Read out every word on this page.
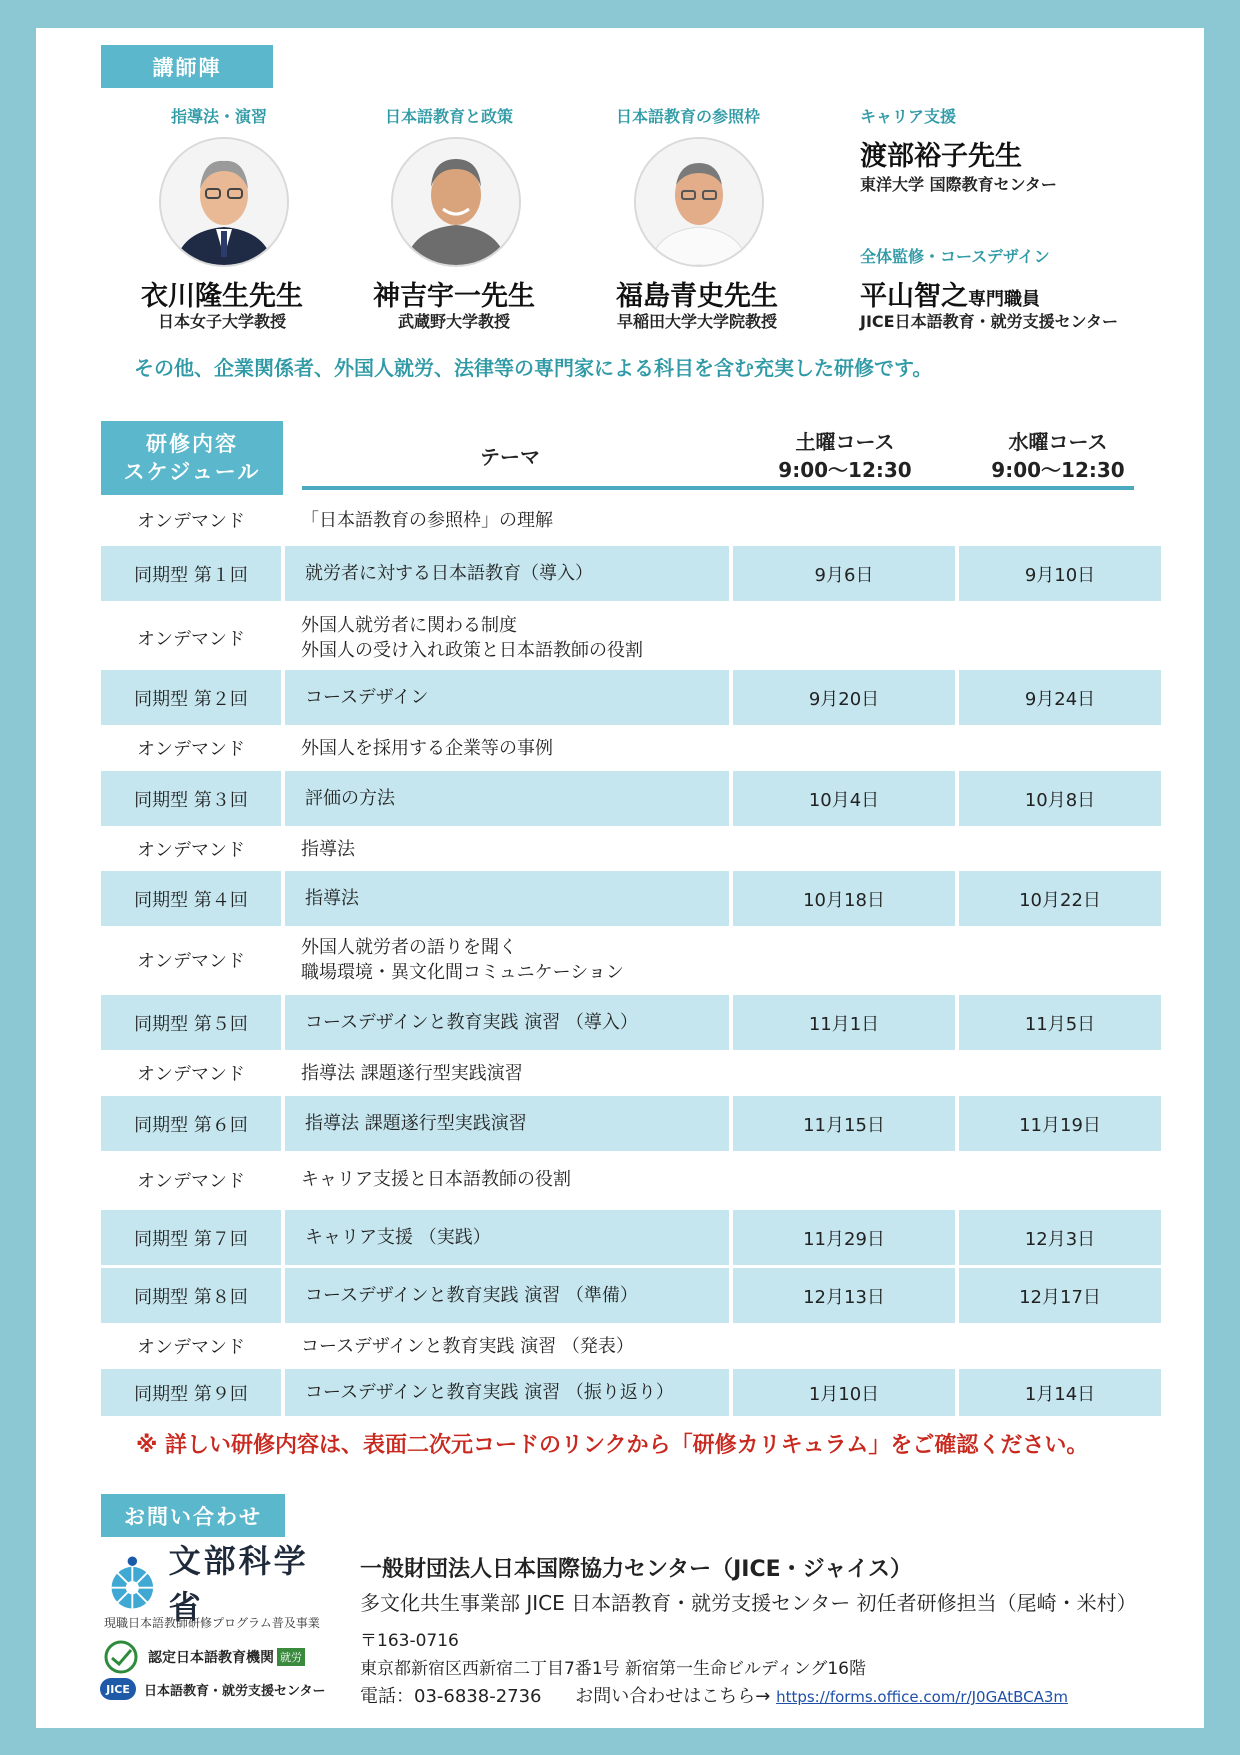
講師陣
指導法・演習
衣川隆生先生
日本女子大学教授
日本語教育と政策
神吉宇一先生
武蔵野大学教授
日本語教育の参照枠
福島青史先生
早稲田大学大学院教授
キャリア支援
渡部裕子先生
東洋大学 国際教育センター
全体監修・コースデザイン
平山智之専門職員
JICE日本語教育・就労支援センター
その他、企業関係者、外国人就労、法律等の専門家による科目を含む充実した研修です。
研修内容
スケジュール
テーマ
土曜コース
9:00～12:30
水曜コース
9:00～12:30
オンデマンド	「日本語教育の参照枠」の理解
同期型 第１回	就労者に対する日本語教育（導入）	9月6日	9月10日
オンデマンド
外国人就労者に関わる制度
外国人の受け入れ政策と日本語教師の役割
同期型 第２回	コースデザイン	9月20日	9月24日
オンデマンド	外国人を採用する企業等の事例
同期型 第３回	評価の方法	10月4日	10月8日
オンデマンド	指導法
同期型 第４回	指導法	10月18日	10月22日
オンデマンド
外国人就労者の語りを聞く
職場環境・異文化間コミュニケーション
同期型 第５回	コースデザインと教育実践 演習 （導入）	11月1日	11月5日
オンデマンド	指導法 課題遂行型実践演習
同期型 第６回	指導法 課題遂行型実践演習	11月15日	11月19日
オンデマンド	キャリア支援と日本語教師の役割
同期型 第７回	キャリア支援 （実践）	11月29日	12月3日
同期型 第８回	コースデザインと教育実践 演習 （準備）	12月13日	12月17日
オンデマンド	コースデザインと教育実践 演習 （発表）
同期型 第９回	コースデザインと教育実践 演習 （振り返り）	1月10日	1月14日
※ 詳しい研修内容は、表面二次元コードのリンクから「研修カリキュラム」をご確認ください。
お問い合わせ
文部科学省
現職日本語教師研修プログラム普及事業
認定日本語教育機関 就労
JICE	日本語教育・就労支援センター
一般財団法人日本国際協力センター（JICE・ジャイス）
多文化共生事業部 JICE 日本語教育・就労支援センター 初任者研修担当（尾崎・米村）
〒163-0716
東京都新宿区西新宿二丁目7番1号 新宿第一生命ビルディング16階
電話：03-6838-2736 お問い合わせはこちら→ https://forms.office.com/r/J0GAtBCA3m
